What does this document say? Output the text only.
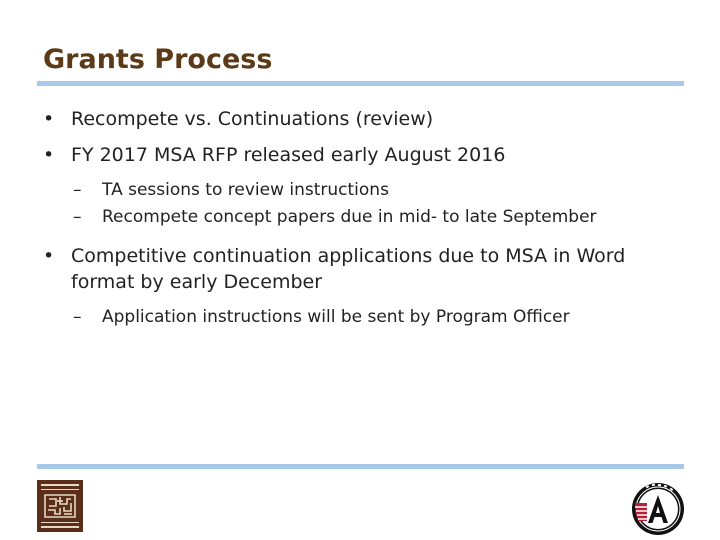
Grants Process
• Recompete vs. Continuations (review)
• FY 2017 MSA RFP released early August 2016
– TA sessions to review instructions
– Recompete concept papers due in mid- to late September
• Competitive continuation applications due to MSA in Word format by early December
– Application instructions will be sent by Program Officer
